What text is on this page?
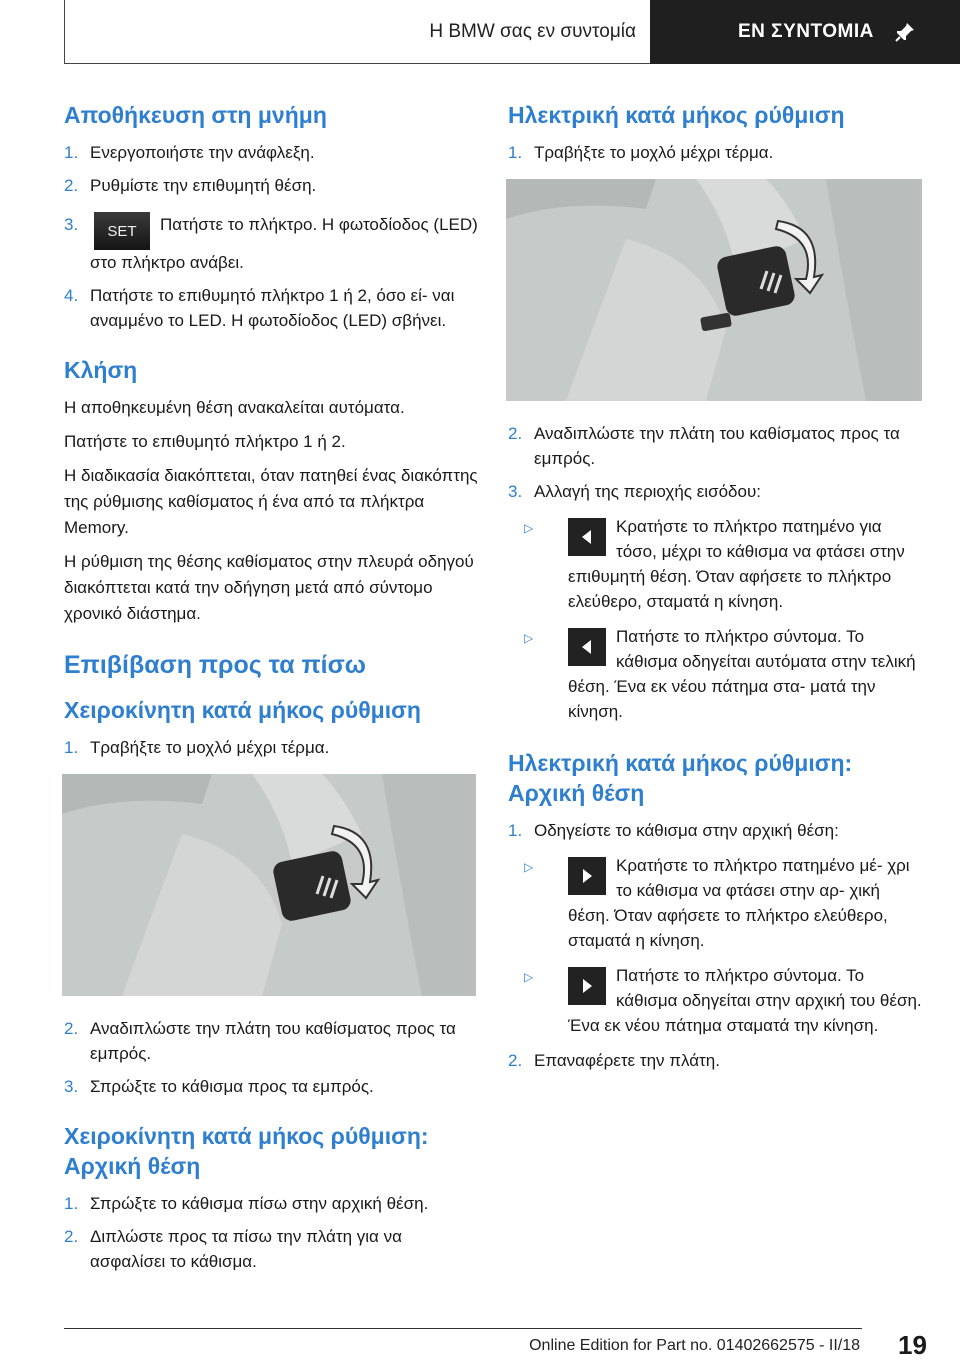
Η BMW σας εν συντομία	ΕΝ ΣΥΝΤΟΜΙΑ
Αποθήκευση στη μνήμη
1. Ενεργοποιήστε την ανάφλεξη.
2. Ρυθμίστε την επιθυμητή θέση.
3. SET Πατήστε το πλήκτρο. Η φωτοδίοδος (LED) στο πλήκτρο ανάβει.
4. Πατήστε το επιθυμητό πλήκτρο 1 ή 2, όσο εί‐ ναι αναμμένο το LED. Η φωτοδίοδος (LED) σβήνει.
Κλήση

Η αποθηκευμένη θέση ανακαλείται αυτόματα.

Πατήστε το επιθυμητό πλήκτρο 1 ή 2.

Η διαδικασία διακόπτεται, όταν πατηθεί ένας διακόπτης της ρύθμισης καθίσματος ή ένα από τα πλήκτρα Memory.

Η ρύθμιση της θέσης καθίσματος στην πλευρά οδηγού διακόπτεται κατά την οδήγηση μετά από σύντομο χρονικό διάστημα.

Επιβίβαση προς τα πίσω
Χειροκίνητη κατά μήκος ρύθμιση
1. Τραβήξτε το μοχλό μέχρι τέρμα.
2. Αναδιπλώστε την πλάτη του καθίσματος προς τα εμπρός.
3. Σπρώξτε το κάθισμα προς τα εμπρός.
Χειροκίνητη κατά μήκος ρύθμιση: Αρχική θέση
1. Σπρώξτε το κάθισμα πίσω στην αρχική θέση.
2. Διπλώστε προς τα πίσω την πλάτη για να ασφαλίσει το κάθισμα.
Ηλεκτρική κατά μήκος ρύθμιση
1. Τραβήξτε το μοχλό μέχρι τέρμα.
2. Αναδιπλώστε την πλάτη του καθίσματος προς τα εμπρός.
3. Αλλαγή της περιοχής εισόδου:
▷	Κρατήστε το πλήκτρο πατημένο για τόσο, μέχρι το κάθισμα να φτάσει στην επιθυμητή θέση. Όταν αφήσετε το πλήκτρο ελεύθερο, σταματά η κίνηση.
▷	Πατήστε το πλήκτρο σύντομα. Το κάθισμα οδηγείται αυτόματα στην τελική θέση. Ένα εκ νέου πάτημα στα‐ ματά την κίνηση.
Ηλεκτρική κατά μήκος ρύθμιση: Αρχική θέση
1. Οδηγείστε το κάθισμα στην αρχική θέση:
▷	Κρατήστε το πλήκτρο πατημένο μέ‐ χρι το κάθισμα να φτάσει στην αρ‐ χική θέση. Όταν αφήσετε το πλήκτρο ελεύθερο, σταματά η κίνηση.
▷	Πατήστε το πλήκτρο σύντομα. Το κάθισμα οδηγείται στην αρχική του θέση. Ένα εκ νέου πάτημα σταματά την κίνηση.
2. Επαναφέρετε την πλάτη.
19
Online Edition for Part no. 01402662575 - II/18
